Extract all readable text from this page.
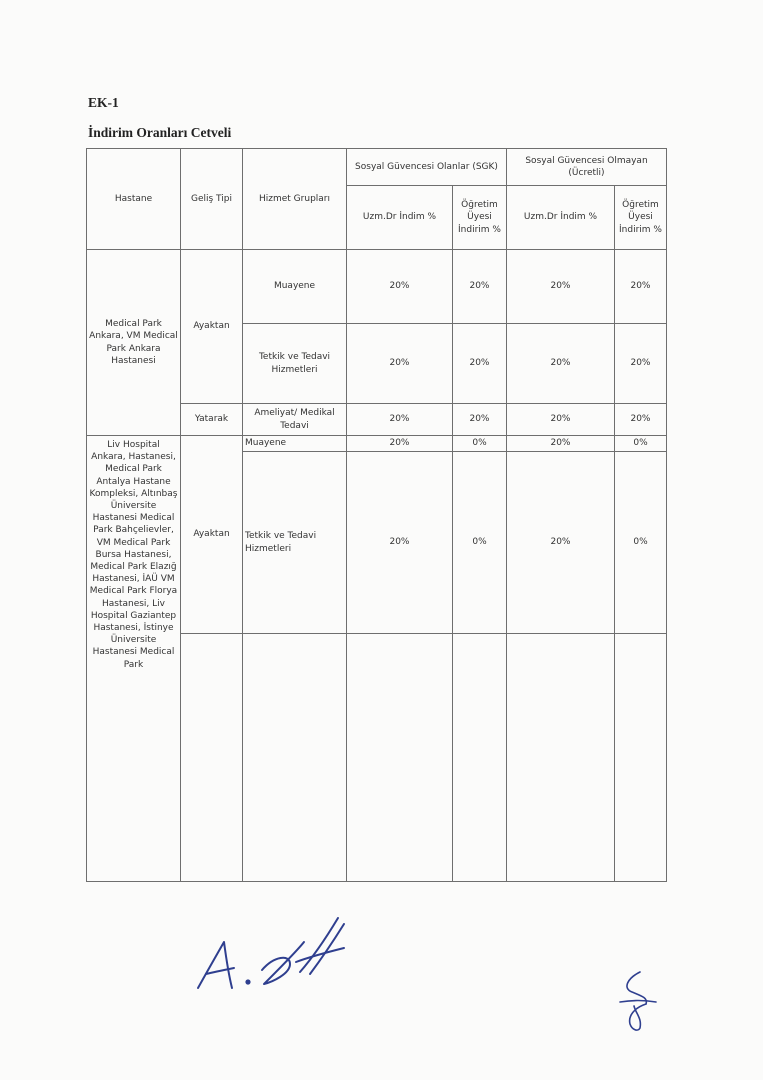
EK-1
İndirim Oranları Cetveli
Hastane	Geliş Tipi	Hizmet Grupları	Sosyal Güvencesi Olanlar (SGK)		Sosyal Güvencesi Olmayan (Ücretli)	
			Uzm.Dr İndim %	Öğretim Üyesi İndirim %	Uzm.Dr İndim %	Öğretim Üyesi İndirim %
Medical Park Ankara, VM Medical Park Ankara Hastanesi	Ayaktan	Muayene	20%	20%	20%	20%
		Tetkik ve Tedavi Hizmetleri	20%	20%	20%	20%
	Yatarak	Ameliyat/ Medikal Tedavi	20%	20%	20%	20%
Liv Hospital Ankara, Hastanesi, Medical Park Antalya Hastane Kompleksi, Altınbaş Üniversite Hastanesi Medical Park Bahçelievler, VM Medical Park Bursa Hastanesi, Medical Park Elazığ Hastanesi, İAÜ VM Medical Park Florya Hastanesi, Liv Hospital Gaziantep Hastanesi, İstinye Üniversite Hastanesi Medical Park	Ayaktan	Muayene	20%	0%	20%	0%
		Tetkik ve Tedavi Hizmetleri	20%	0%	20%	0%
